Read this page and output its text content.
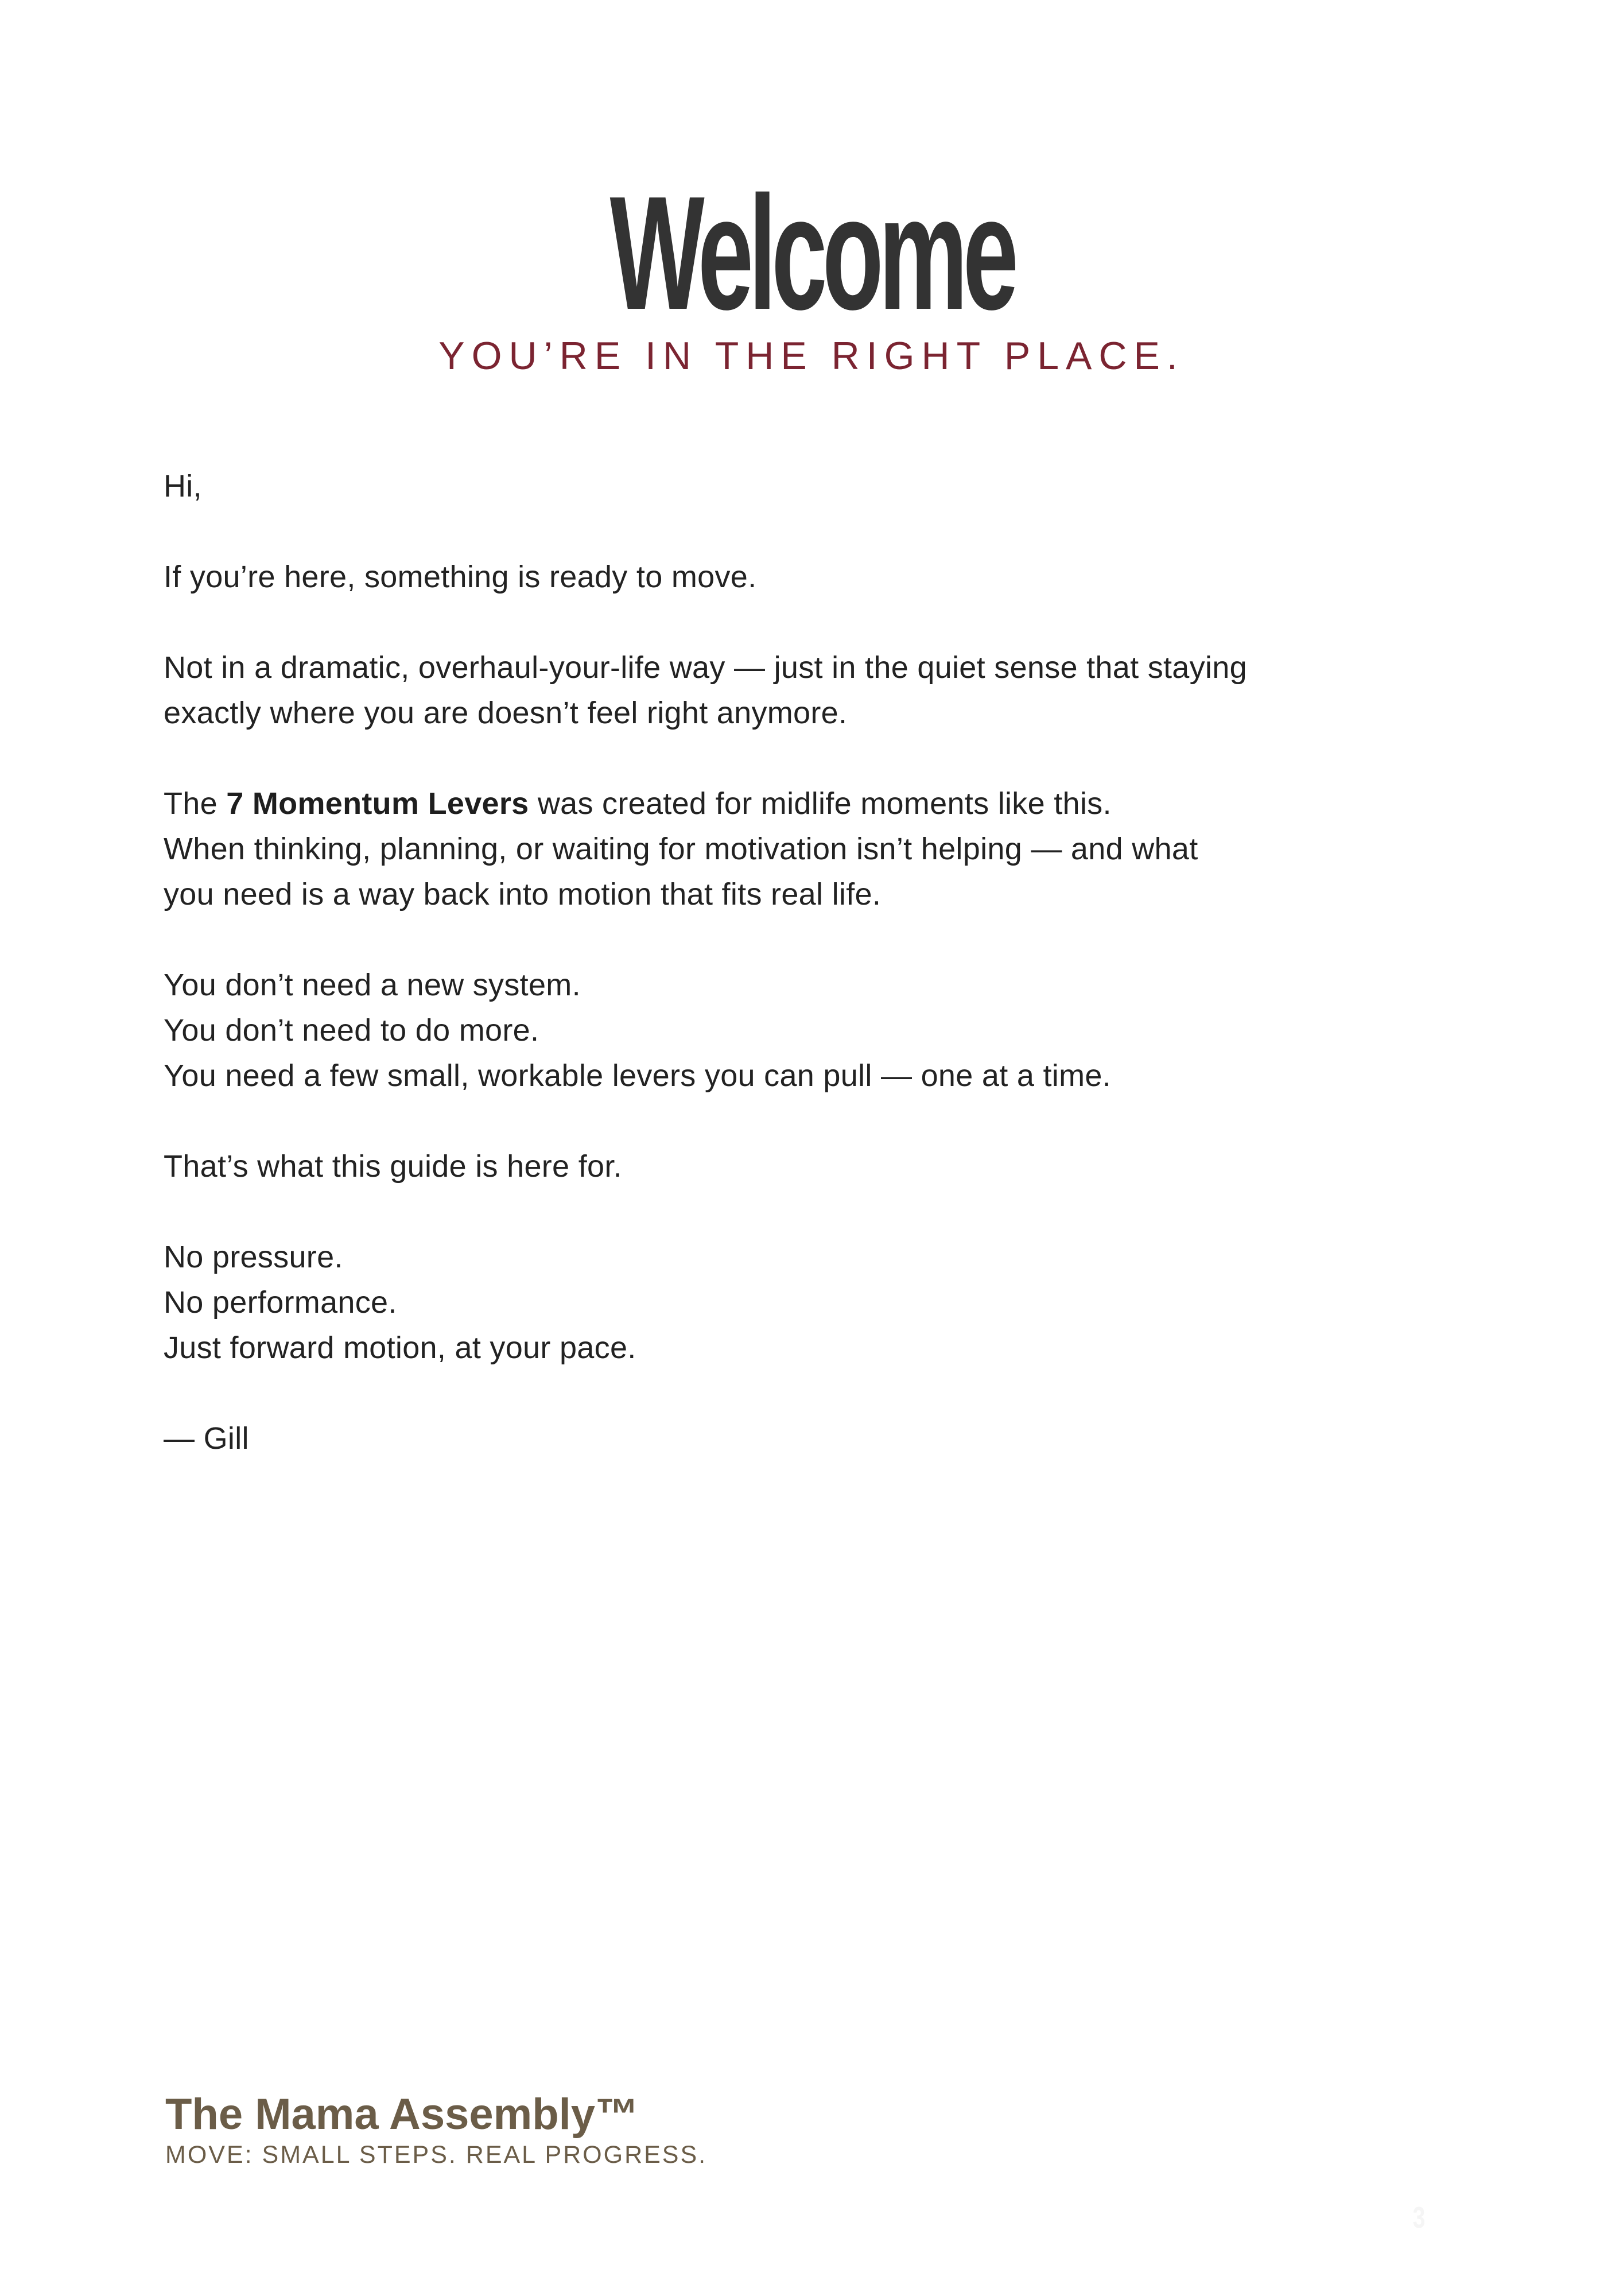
Welcome
YOU’RE IN THE RIGHT PLACE.

Hi,

If you’re here, something is ready to move.

Not in a dramatic, overhaul-your-life way — just in the quiet sense that staying
exactly where you are doesn’t feel right anymore.

The 7 Momentum Levers was created for midlife moments like this.
When thinking, planning, or waiting for motivation isn’t helping — and what
you need is a way back into motion that fits real life.

You don’t need a new system.
You don’t need to do more.
You need a few small, workable levers you can pull — one at a time.

That’s what this guide is here for.

No pressure.
No performance.
Just forward motion, at your pace.

— Gill

The Mama Assembly™

MOVE: SMALL STEPS. REAL PROGRESS.

3
